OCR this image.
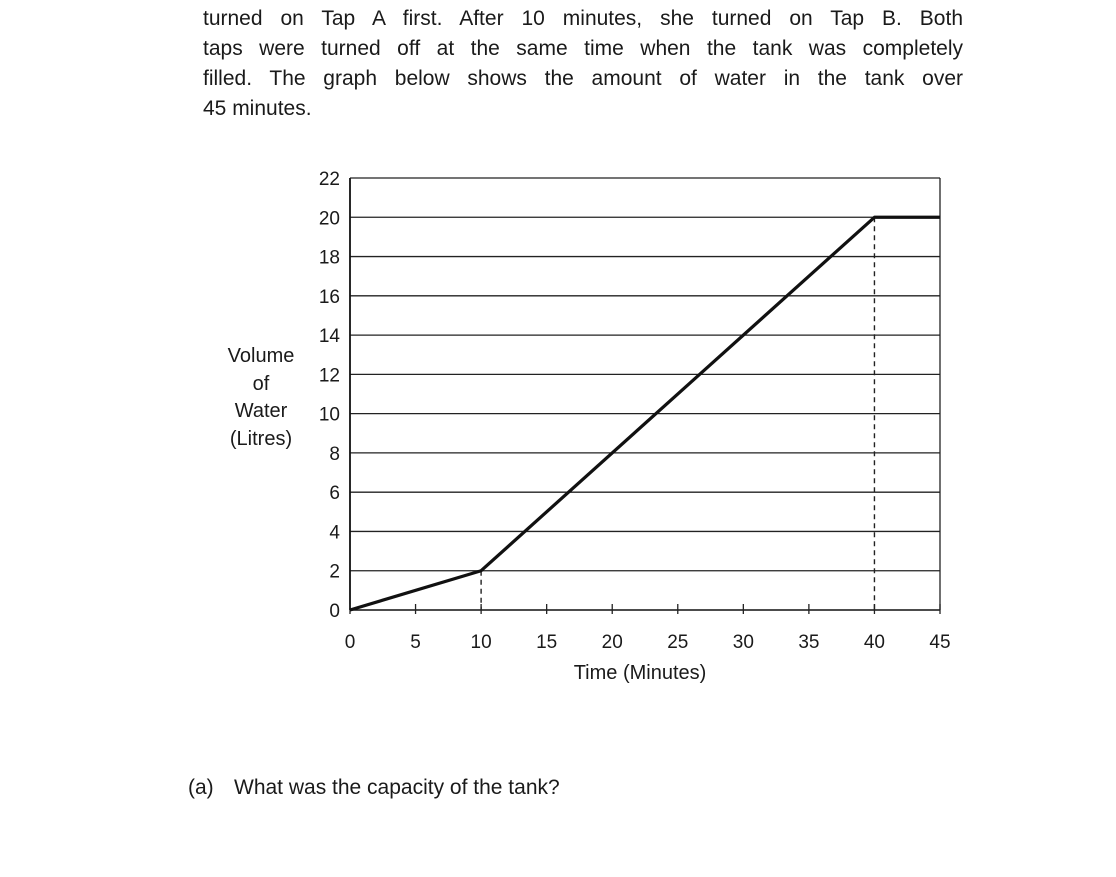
turned on Tap A first. After 10 minutes, she turned on Tap B. Both
taps were turned off at the same time when the tank was completely
filled. The graph below shows the amount of water in the tank over
45 minutes.
0
2
4
6
8
10
12
14
16
18
20
22
0	5	10 15 20 25 30 35 40 45
Time (Minutes)
Volume
of
Water
(Litres)
(a) What was the capacity of the tank?
